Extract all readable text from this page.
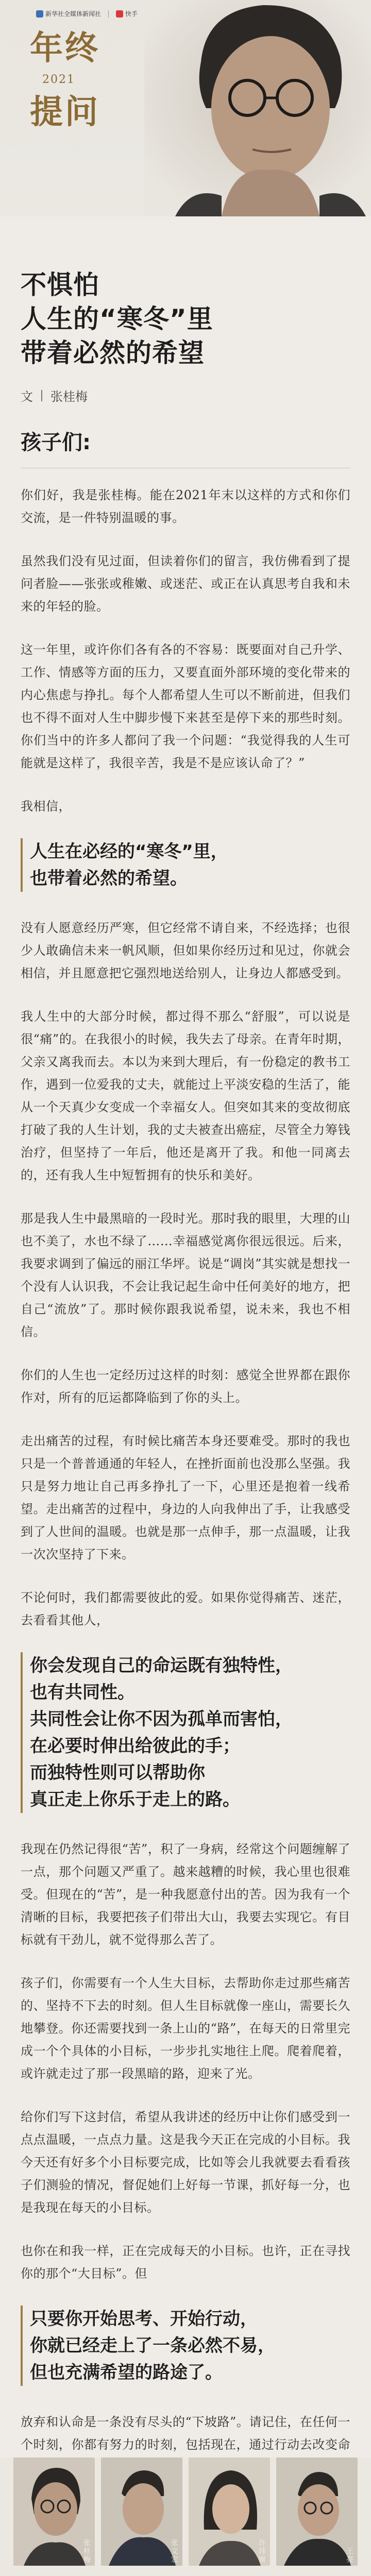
新华社全媒体新闻社	快手
年终
提问
2021
不惧怕
人生的“寒冬”里
带着必然的希望
文 张桂梅
孩子们:

你们好，我是张桂梅。能在2021年末以这样的方式和你们交流，是一件特别温暖的事。

虽然我们没有见过面，但读着你们的留言，我仿佛看到了提问者脸——张张或稚嫩、或迷茫、或正在认真思考自我和未来的年轻的脸。

这一年里，或许你们各有各的不容易：既要面对自己升学、工作、情感等方面的压力，又要直面外部环境的变化带来的内心焦虑与挣扎。每个人都希望人生可以不断前进，但我们也不得不面对人生中脚步慢下来甚至是停下来的那些时刻。你们当中的许多人都问了我一个问题：“我觉得我的人生可能就是这样了，我很辛苦，我是不是应该认命了？”

我相信，

人生在必经的“寒冬”里，
也带着必然的希望。

没有人愿意经历严寒，但它经常不请自来，不经选择；也很少人敢确信未来一帆风顺，但如果你经历过和见过，你就会相信，并且愿意把它强烈地送给别人，让身边人都感受到。

我人生中的大部分时候，都过得不那么“舒服”，可以说是很“痛”的。在我很小的时候，我失去了母亲。在青年时期，父亲又离我而去。本以为来到大理后，有一份稳定的教书工作，遇到一位爱我的丈夫，就能过上平淡安稳的生活了，能从一个天真少女变成一个幸福女人。但突如其来的变故彻底打破了我的人生计划，我的丈夫被查出癌症，尽管全力筹钱治疗，但坚持了一年后，他还是离开了我。和他一同离去的，还有我人生中短暂拥有的快乐和美好。

那是我人生中最黑暗的一段时光。那时我的眼里，大理的山也不美了，水也不绿了……幸福感觉离你很远很远。后来，我要求调到了偏远的丽江华坪。说是“调岗”其实就是想找一个没有人认识我，不会让我记起生命中任何美好的地方，把自己“流放”了。那时候你跟我说希望，说未来，我也不相信。

你们的人生也一定经历过这样的时刻：感觉全世界都在跟你作对，所有的厄运都降临到了你的头上。

走出痛苦的过程，有时候比痛苦本身还要难受。那时的我也只是一个普普通通的年轻人，在挫折面前也没那么坚强。我只是努力地让自己再多挣扎了一下，心里还是抱着一线希望。走出痛苦的过程中，身边的人向我伸出了手，让我感受到了人世间的温暖。也就是那一点伸手，那一点温暖，让我一次次坚持了下来。

不论何时，我们都需要彼此的爱。如果你觉得痛苦、迷茫，去看看其他人，

你会发现自己的命运既有独特性，
也有共同性。
共同性会让你不因为孤单而害怕，
在必要时伸出给彼此的手；
而独特性则可以帮助你
真正走上你乐于走上的路。

我现在仍然记得很“苦”，积了一身病，经常这个问题缠解了一点，那个问题又严重了。越来越糟的时候，我心里也很难受。但现在的“苦”，是一种我愿意付出的苦。因为我有一个清晰的目标，我要把孩子们带出大山，我要去实现它。有目标就有干劲儿，就不觉得那么苦了。

孩子们，你需要有一个人生大目标，去帮助你走过那些痛苦的、坚持不下去的时刻。但人生目标就像一座山，需要长久地攀登。你还需要找到一条上山的“路”，在每天的日常里完成一个个具体的小目标，一步步扎实地往上爬。爬着爬着，或许就走过了那一段黑暗的路，迎来了光。

给你们写下这封信，希望从我讲述的经历中让你们感受到一点点温暖，一点点力量。这是我今天正在完成的小目标。我今天还有好多个小目标要完成，比如等会儿我就要去看看孩子们测验的情况，督促她们上好每一节课，抓好每一分，也是我现在每天的小目标。

也你在和我一样，正在完成每天的小目标。也许，正在寻找你的那个“大目标”。但

只要你开始思考、开始行动，
你就已经走上了一条必然不易，
但也充满希望的路途了。

放弃和认命是一条没有尽头的“下坡路”。请记住，在任何一个时刻，你都有努力的时刻，包括现在，通过行动去改变命

张桂梅	张文宏	许玮甯	王亮
